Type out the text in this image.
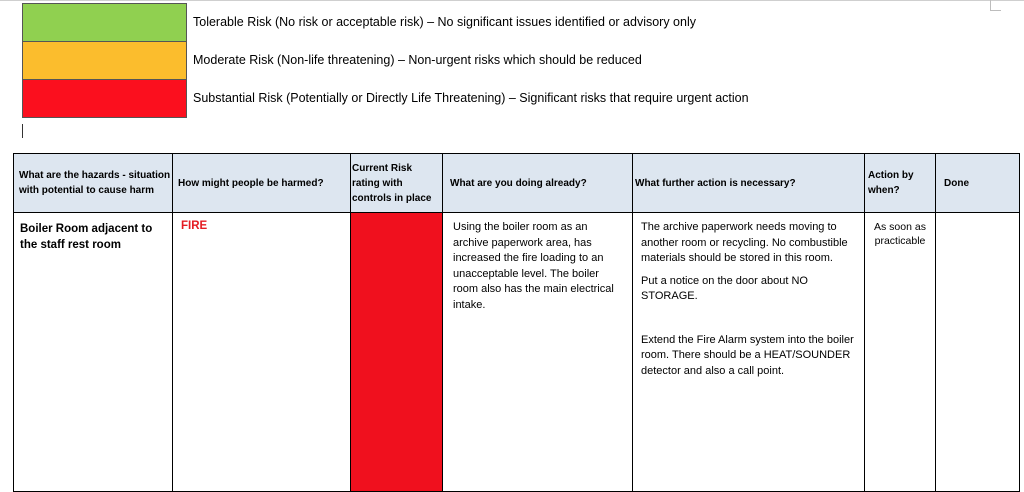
Tolerable Risk (No risk or acceptable risk) – No significant issues identified or advisory only
Moderate Risk (Non-life threatening) – Non-urgent risks which should be reduced
Substantial Risk (Potentially or Directly Life Threatening) – Significant risks that require urgent action
What are the hazards - situation with potential to cause harm	How might people be harmed?	Current Risk rating with controls in place	What are you doing already?	What further action is necessary?	Action by when?	Done

Boiler Room adjacent to the staff rest room	FIRE		Using the boiler room as an archive paperwork area, has increased the fire loading to an unacceptable level. The boiler room also has the main electrical intake.	The archive paperwork needs moving to another room or recycling. No combustible materials should be stored in this room.

Put a notice on the door about NO STORAGE.

Extend the Fire Alarm system into the boiler room. There should be a HEAT/SOUNDER detector and also a call point.	As soon as practicable	
